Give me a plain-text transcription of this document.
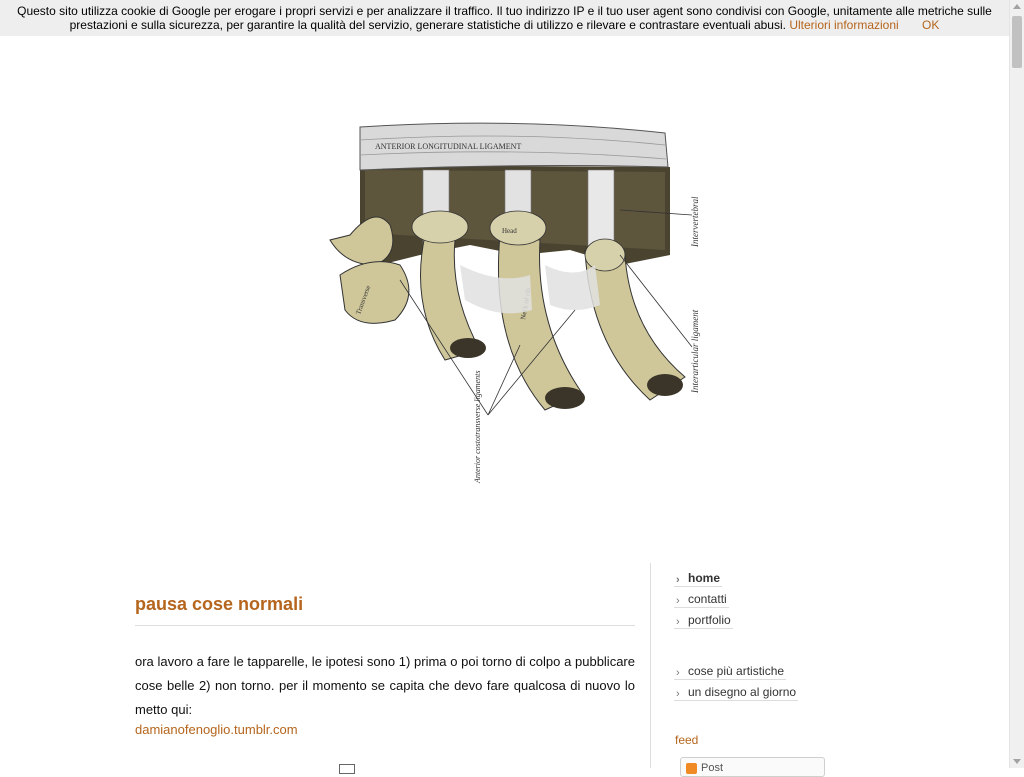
Questo sito utilizza cookie di Google per erogare i propri servizi e per analizzare il traffico. Il tuo indirizzo IP e il tuo user agent sono condivisi con Google, unitamente alle metriche sulle
prestazioni e sulla sicurezza, per garantire la qualità del servizio, generare statistiche di utilizzo e rilevare e contrastare eventuali abusi. Ulteriori informazioni OK
ANTERIOR LONGITUDINAL LIGAMENT
Transverse
Head	Intervertebral
Interarticular ligament
Anterior costotransverse ligaments
pausa cose normali
ora lavoro a fare le tapparelle, le ipotesi sono 1) prima o poi torno di colpo a pubblicare cose belle 2) non torno. per il momento se capita che devo fare qualcosa di nuovo lo metto qui:
damianofenoglio.tumblr.com
› home
› contatti
› portfolio
› cose più artistiche
› un disegno al giorno
feed
Post
